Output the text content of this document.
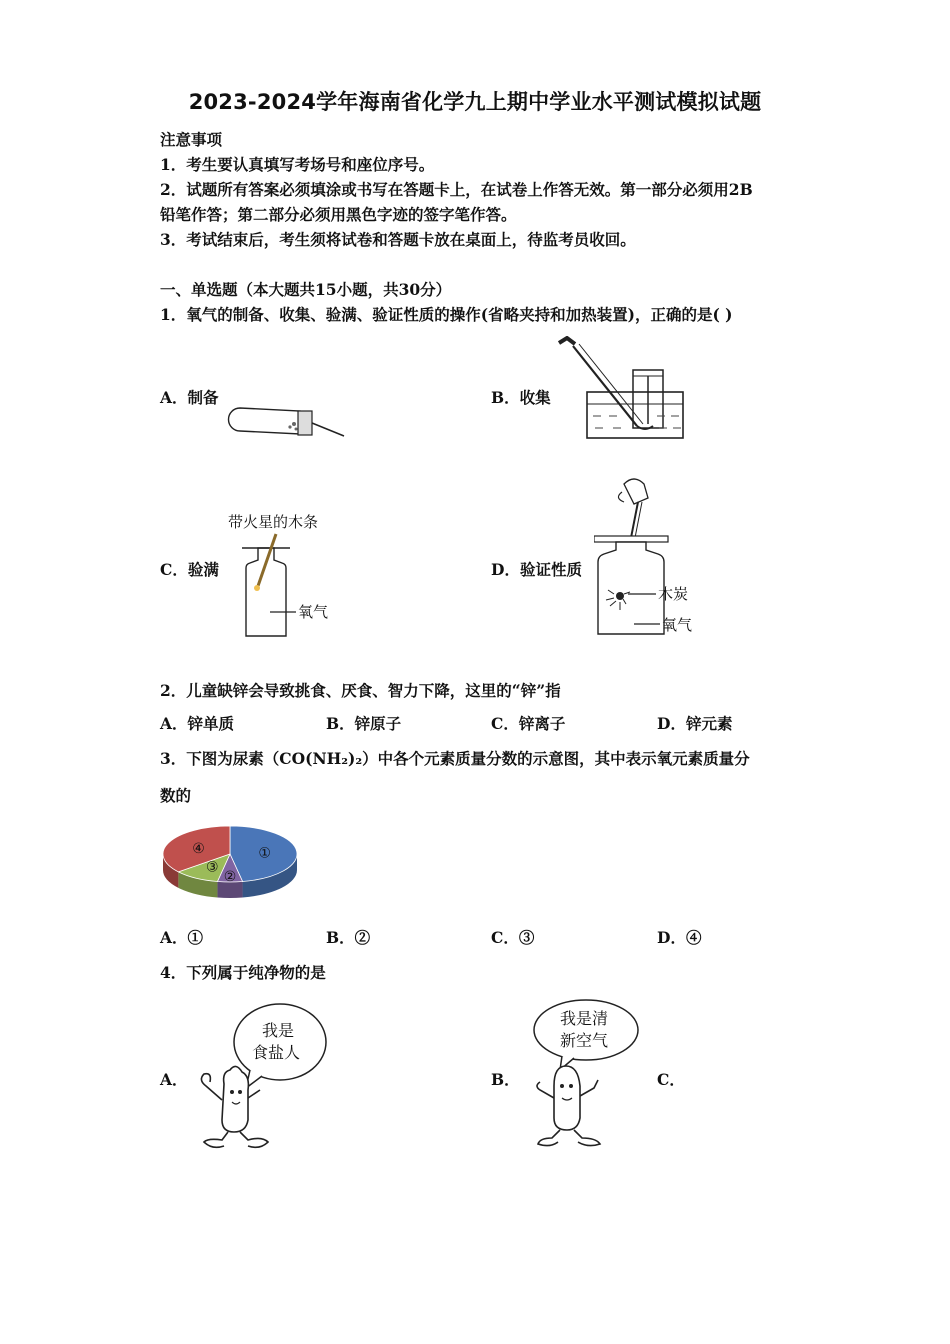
2023-2024学年海南省化学九上期中学业水平测试模拟试题
注意事项
1．考生要认真填写考场号和座位序号。
2．试题所有答案必须填涂或书写在答题卡上，在试卷上作答无效。第一部分必须用2B
铅笔作答；第二部分必须用黑色字迹的签字笔作答。
3．考试结束后，考生须将试卷和答题卡放在桌面上，待监考员收回。
一、单选题（本大题共15小题，共30分）
1．氧气的制备、收集、验满、验证性质的操作(省略夹持和加热装置)，正确的是( )
A．制备	B．收集
C．验满	D．验证性质
带火星的木条
氧气
木炭
氧气
2．儿童缺锌会导致挑食、厌食、智力下降，这里的“锌”指
A．锌单质	B．锌原子	C．锌离子	D．锌元素
3．下图为尿素（CO(NH₂)₂）中各个元素质量分数的示意图，其中表示氧元素质量分
数的
①
②
③
④
A．①	B．②	C．③	D．④
4．下列属于纯净物的是
A．	B．	C．
我是
食盐人
我是清
新空气
